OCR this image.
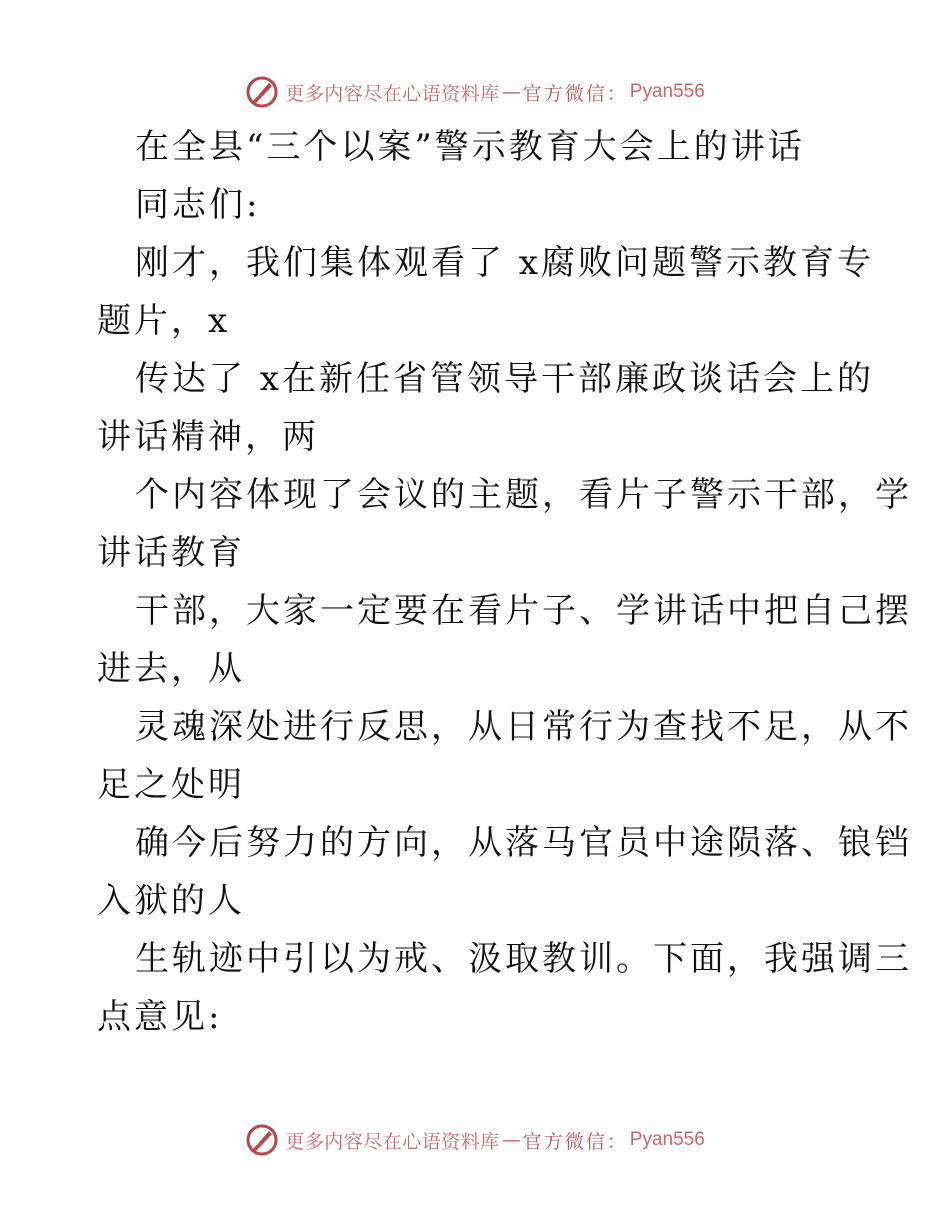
更多内容尽在心语资料库 — 官方微信 ： Pyan556
在全县“三个以案”警示教育大会上的讲话
同志们:
刚才，我们集体观看了 x腐败问题警示教育专
题片，x
传达了 x在新任省管领导干部廉政谈话会上的
讲话精神，两
个内容体现了会议的主题，看片子警示干部，学
讲话教育
干部，大家一定要在看片子、学讲话中把自己摆
进去，从
灵魂深处进行反思，从日常行为查找不足，从不
足之处明
确今后努力的方向，从落马官员中途陨落、锒铛
入狱的人
生轨迹中引以为戒、汲取教训。下面，我强调三
点意见:
更多内容尽在心语资料库 — 官方微信 ： Pyan556
